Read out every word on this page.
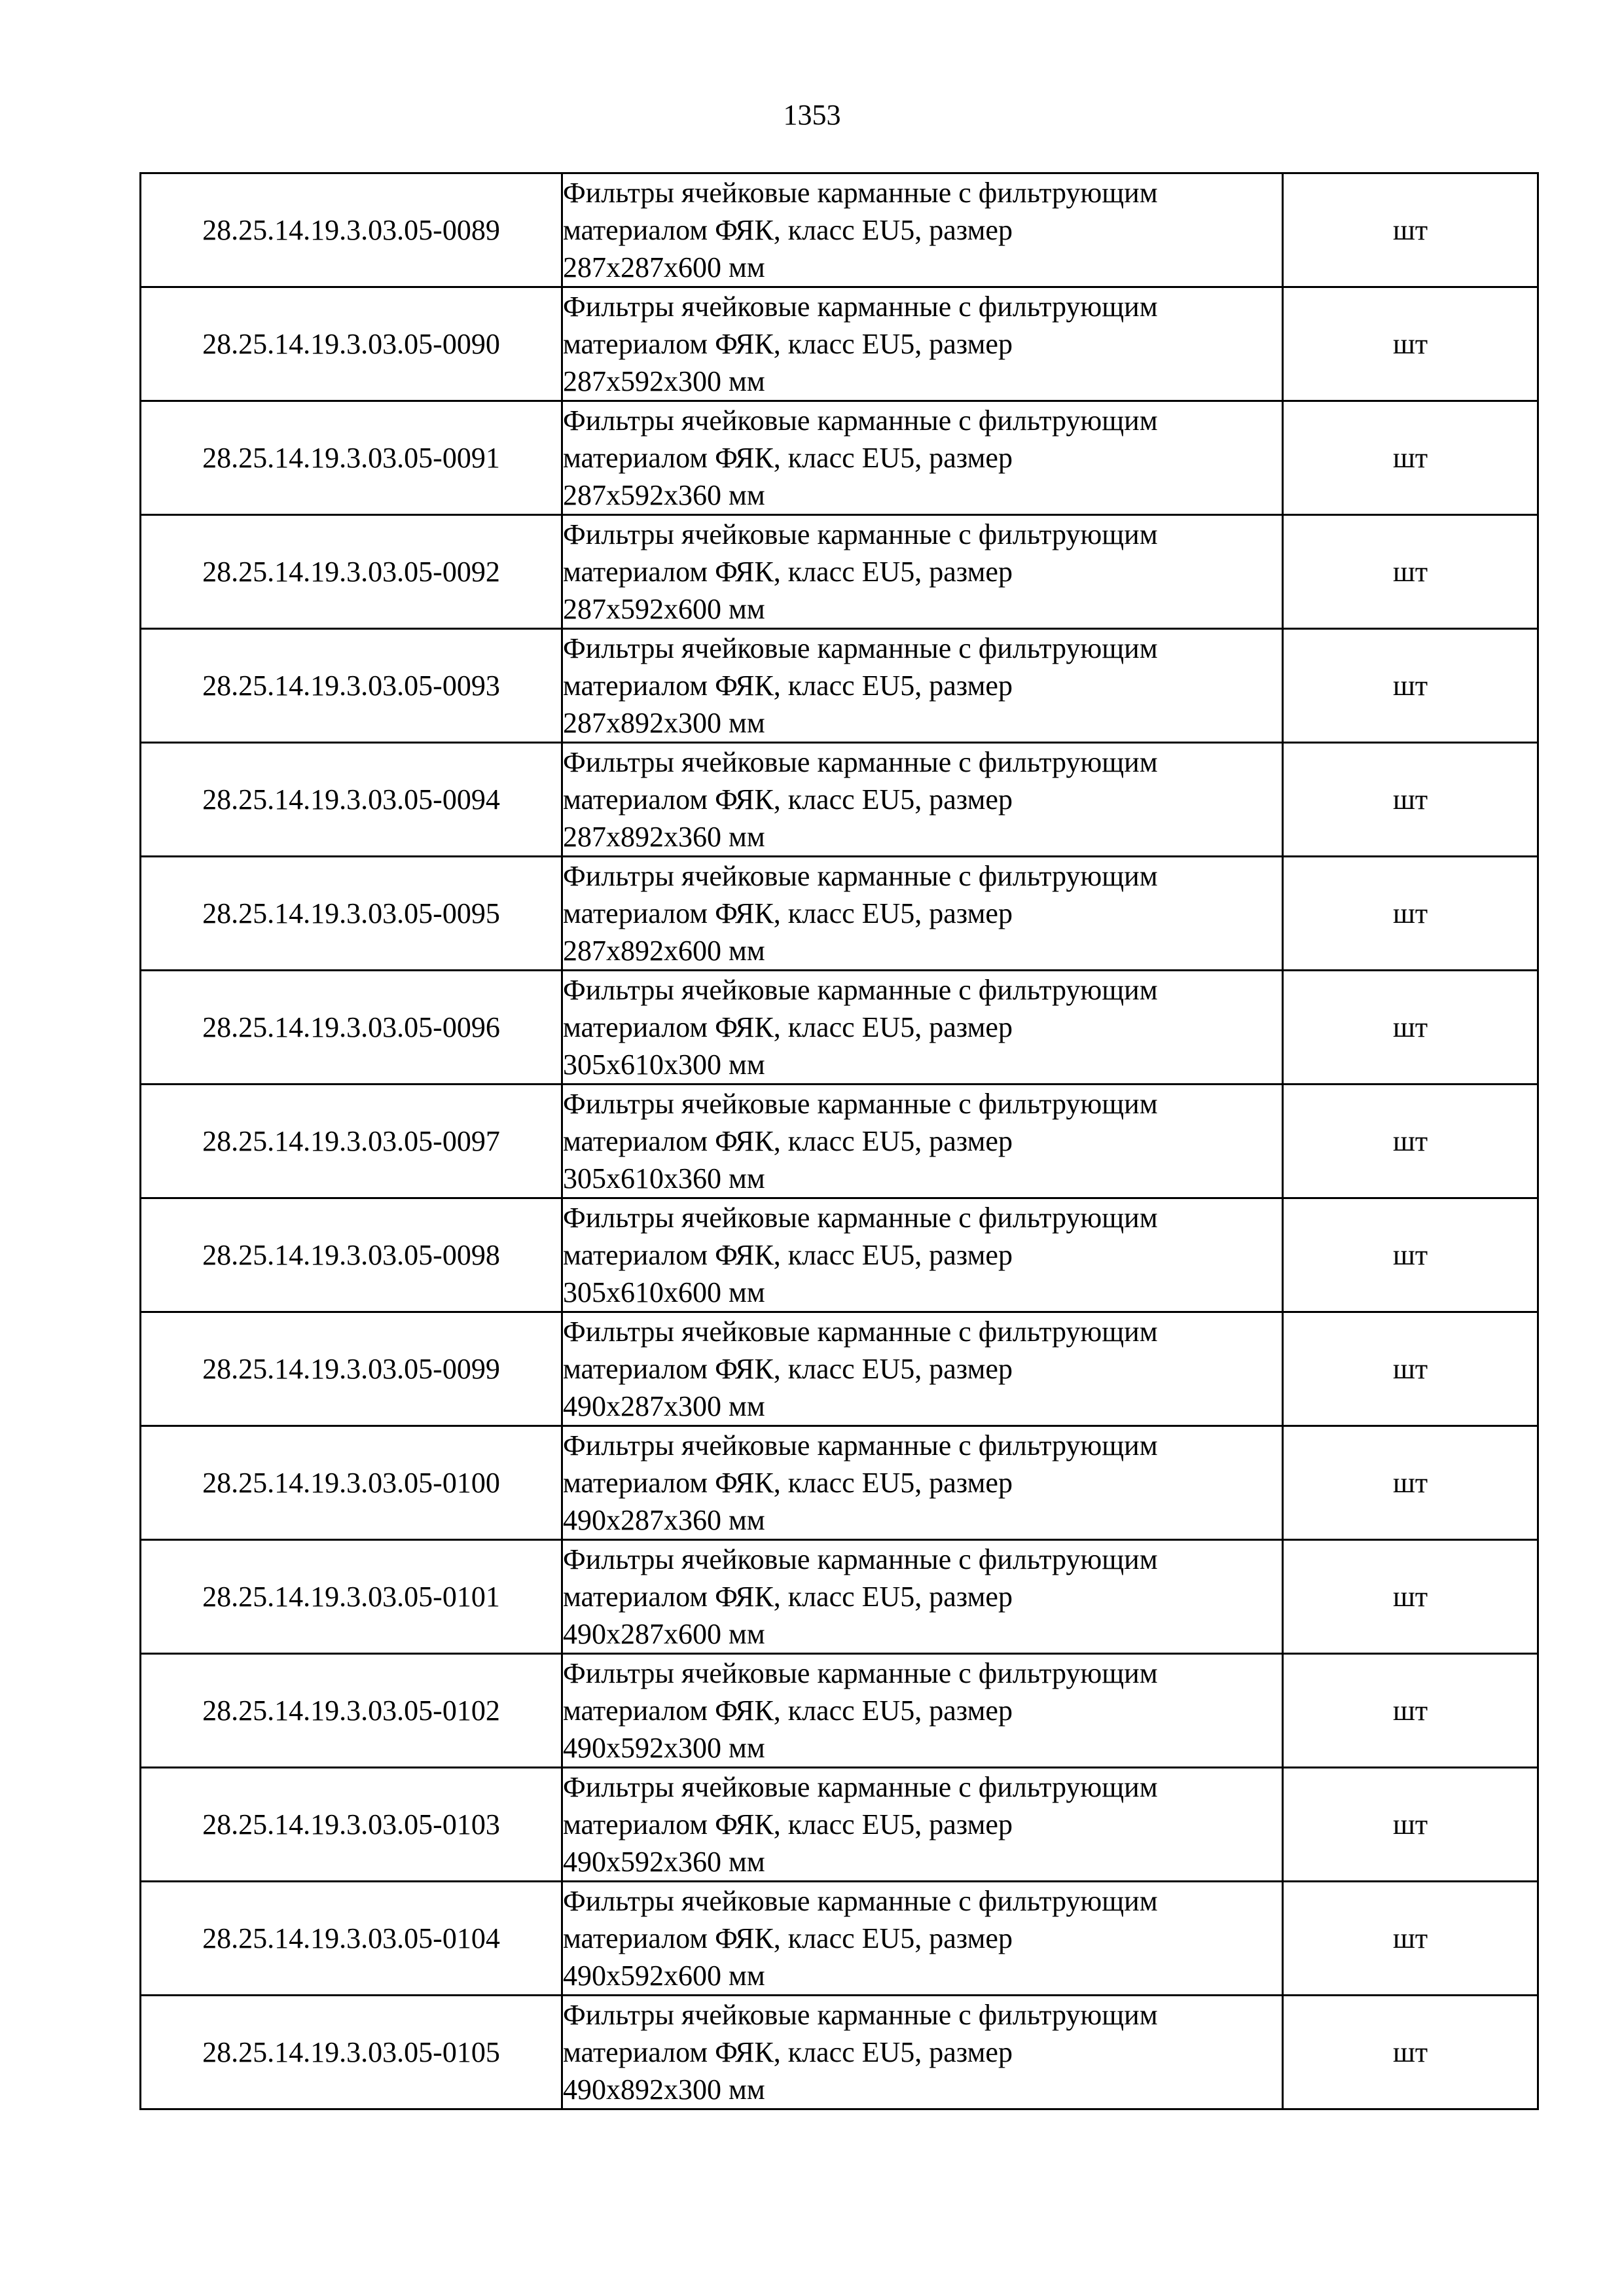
1353
28.25.14.19.3.03.05-0089	Фильтры ячейковые карманные с фильтрующим
материалом ФЯК, класс EU5, размер
287x287x600 мм	шт
28.25.14.19.3.03.05-0090	Фильтры ячейковые карманные с фильтрующим
материалом ФЯК, класс EU5, размер
287x592x300 мм	шт
28.25.14.19.3.03.05-0091	Фильтры ячейковые карманные с фильтрующим
материалом ФЯК, класс EU5, размер
287x592x360 мм	шт
28.25.14.19.3.03.05-0092	Фильтры ячейковые карманные с фильтрующим
материалом ФЯК, класс EU5, размер
287x592x600 мм	шт
28.25.14.19.3.03.05-0093	Фильтры ячейковые карманные с фильтрующим
материалом ФЯК, класс EU5, размер
287x892x300 мм	шт
28.25.14.19.3.03.05-0094	Фильтры ячейковые карманные с фильтрующим
материалом ФЯК, класс EU5, размер
287x892x360 мм	шт
28.25.14.19.3.03.05-0095	Фильтры ячейковые карманные с фильтрующим
материалом ФЯК, класс EU5, размер
287x892x600 мм	шт
28.25.14.19.3.03.05-0096	Фильтры ячейковые карманные с фильтрующим
материалом ФЯК, класс EU5, размер
305x610x300 мм	шт
28.25.14.19.3.03.05-0097	Фильтры ячейковые карманные с фильтрующим
материалом ФЯК, класс EU5, размер
305x610x360 мм	шт
28.25.14.19.3.03.05-0098	Фильтры ячейковые карманные с фильтрующим
материалом ФЯК, класс EU5, размер
305x610x600 мм	шт
28.25.14.19.3.03.05-0099	Фильтры ячейковые карманные с фильтрующим
материалом ФЯК, класс EU5, размер
490x287x300 мм	шт
28.25.14.19.3.03.05-0100	Фильтры ячейковые карманные с фильтрующим
материалом ФЯК, класс EU5, размер
490x287x360 мм	шт
28.25.14.19.3.03.05-0101	Фильтры ячейковые карманные с фильтрующим
материалом ФЯК, класс EU5, размер
490x287x600 мм	шт
28.25.14.19.3.03.05-0102	Фильтры ячейковые карманные с фильтрующим
материалом ФЯК, класс EU5, размер
490x592x300 мм	шт
28.25.14.19.3.03.05-0103	Фильтры ячейковые карманные с фильтрующим
материалом ФЯК, класс EU5, размер
490x592x360 мм	шт
28.25.14.19.3.03.05-0104	Фильтры ячейковые карманные с фильтрующим
материалом ФЯК, класс EU5, размер
490x592x600 мм	шт
28.25.14.19.3.03.05-0105	Фильтры ячейковые карманные с фильтрующим
материалом ФЯК, класс EU5, размер
490x892x300 мм	шт
